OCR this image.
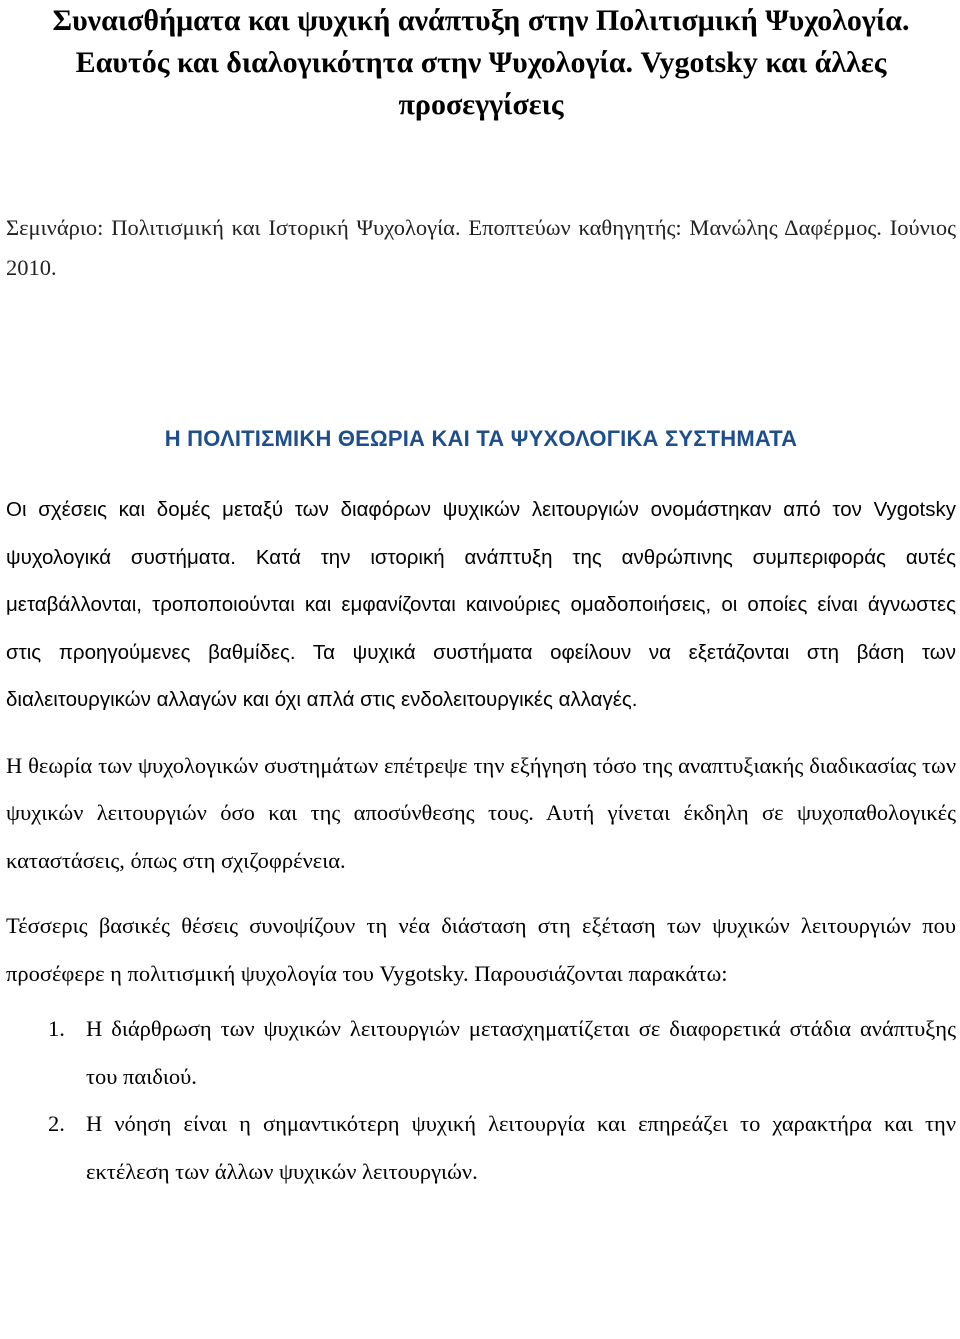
Συναισθήματα και ψυχική ανάπτυξη στην Πολιτισμική Ψυχολογία.
Εαυτός και διαλογικότητα στην Ψυχολογία. Vygotsky και άλλες
προσεγγίσεις
Σεμινάριο: Πολιτισμική και Ιστορική Ψυχολογία. Εποπτεύων καθηγητής: Μανώλης Δαφέρμος. Ιούνιος 2010.
Η ΠΟΛΙΤΙΣΜΙΚΗ ΘΕΩΡΙΑ ΚΑΙ ΤΑ ΨΥΧΟΛΟΓΙΚΑ ΣΥΣΤΗΜΑΤΑ

Οι σχέσεις και δομές μεταξύ των διαφόρων ψυχικών λειτουργιών ονομάστηκαν από τον Vygotsky ψυχολογικά συστήματα. Κατά την ιστορική ανάπτυξη της ανθρώπινης συμπεριφοράς αυτές μεταβάλλονται, τροποποιούνται και εμφανίζονται καινούριες ομαδοποιήσεις, οι οποίες είναι άγνωστες στις προηγούμενες βαθμίδες. Τα ψυχικά συστήματα οφείλουν να εξετάζονται στη βάση των διαλειτουργικών αλλαγών και όχι απλά στις ενδολειτουργικές αλλαγές.

Η θεωρία των ψυχολογικών συστημάτων επέτρεψε την εξήγηση τόσο της αναπτυξιακής διαδικασίας των ψυχικών λειτουργιών όσο και της αποσύνθεσης τους. Αυτή γίνεται έκδηλη σε ψυχοπαθολογικές καταστάσεις, όπως στη σχιζοφρένεια.

Τέσσερις βασικές θέσεις συνοψίζουν τη νέα διάσταση στη εξέταση των ψυχικών λειτουργιών που προσέφερε η πολιτισμική ψυχολογία του Vygotsky. Παρουσιάζονται παρακάτω:

1. Η διάρθρωση των ψυχικών λειτουργιών μετασχηματίζεται σε διαφορετικά στάδια ανάπτυξης του παιδιού.
2. Η νόηση είναι η σημαντικότερη ψυχική λειτουργία και επηρεάζει το χαρακτήρα και την εκτέλεση των άλλων ψυχικών λειτουργιών.
